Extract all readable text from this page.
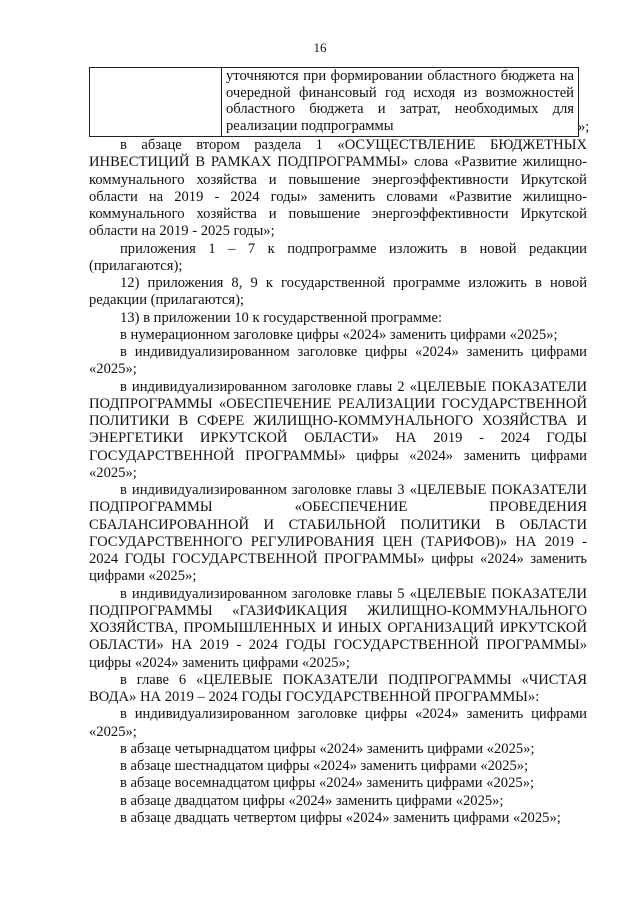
16
уточняются при формировании областного бюджета на очередной финансовый год исходя из возможностей областного бюджета и затрат, необходимых для реализации подпрограммы	»;

в абзаце втором раздела 1 «ОСУЩЕСТВЛЕНИЕ БЮДЖЕТНЫХ ИНВЕСТИЦИЙ В РАМКАХ ПОДПРОГРАММЫ» слова «Развитие жилищно-коммунального хозяйства и повышение энергоэффективности Иркутской области на 2019 - 2024 годы» заменить словами «Развитие жилищно-коммунального хозяйства и повышение энергоэффективности Иркутской области на 2019 - 2025 годы»;

приложения 1 – 7 к подпрограмме изложить в новой редакции (прилагаются);

12) приложения 8, 9 к государственной программе изложить в новой редакции (прилагаются);

13) в приложении 10 к государственной программе:

в нумерационном заголовке цифры «2024» заменить цифрами «2025»;

в индивидуализированном заголовке цифры «2024» заменить цифрами «2025»;

в индивидуализированном заголовке главы 2 «ЦЕЛЕВЫЕ ПОКАЗАТЕЛИ ПОДПРОГРАММЫ «ОБЕСПЕЧЕНИЕ РЕАЛИЗАЦИИ ГОСУДАРСТВЕННОЙ ПОЛИТИКИ В СФЕРЕ ЖИЛИЩНО-КОММУНАЛЬНОГО ХОЗЯЙСТВА И ЭНЕРГЕТИКИ ИРКУТСКОЙ ОБЛАСТИ» НА 2019 - 2024 ГОДЫ ГОСУДАРСТВЕННОЙ ПРОГРАММЫ» цифры «2024» заменить цифрами «2025»;

в индивидуализированном заголовке главы 3 «ЦЕЛЕВЫЕ ПОКАЗАТЕЛИ ПОДПРОГРАММЫ «ОБЕСПЕЧЕНИЕ ПРОВЕДЕНИЯ СБАЛАНСИРОВАННОЙ И СТАБИЛЬНОЙ ПОЛИТИКИ В ОБЛАСТИ ГОСУДАРСТВЕННОГО РЕГУЛИРОВАНИЯ ЦЕН (ТАРИФОВ)» НА 2019 - 2024 ГОДЫ ГОСУДАРСТВЕННОЙ ПРОГРАММЫ» цифры «2024» заменить цифрами «2025»;

в индивидуализированном заголовке главы 5 «ЦЕЛЕВЫЕ ПОКАЗАТЕЛИ ПОДПРОГРАММЫ «ГАЗИФИКАЦИЯ ЖИЛИЩНО-КОММУНАЛЬНОГО ХОЗЯЙСТВА, ПРОМЫШЛЕННЫХ И ИНЫХ ОРГАНИЗАЦИЙ ИРКУТСКОЙ ОБЛАСТИ» НА 2019 - 2024 ГОДЫ ГОСУДАРСТВЕННОЙ ПРОГРАММЫ» цифры «2024» заменить цифрами «2025»;

в главе 6 «ЦЕЛЕВЫЕ ПОКАЗАТЕЛИ ПОДПРОГРАММЫ «ЧИСТАЯ ВОДА» НА 2019 – 2024 ГОДЫ ГОСУДАРСТВЕННОЙ ПРОГРАММЫ»:

в индивидуализированном заголовке цифры «2024» заменить цифрами «2025»;

в абзаце четырнадцатом цифры «2024» заменить цифрами «2025»;

в абзаце шестнадцатом цифры «2024» заменить цифрами «2025»;

в абзаце восемнадцатом цифры «2024» заменить цифрами «2025»;

в абзаце двадцатом цифры «2024» заменить цифрами «2025»;

в абзаце двадцать четвертом цифры «2024» заменить цифрами «2025»;
